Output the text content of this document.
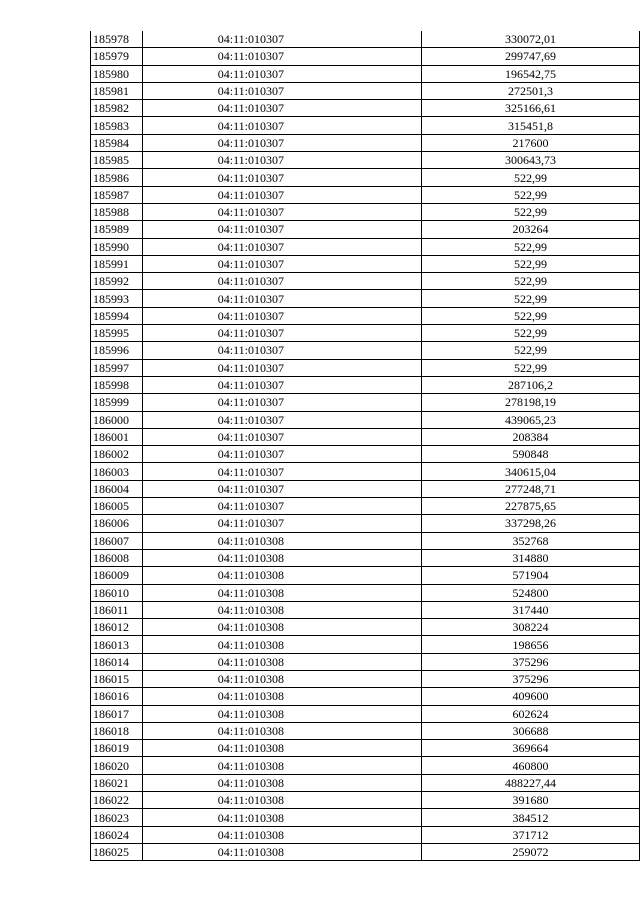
185978	04:11:010307	330072,01
185979	04:11:010307	299747,69
185980	04:11:010307	196542,75
185981	04:11:010307	272501,3
185982	04:11:010307	325166,61
185983	04:11:010307	315451,8
185984	04:11:010307	217600
185985	04:11:010307	300643,73
185986	04:11:010307	522,99
185987	04:11:010307	522,99
185988	04:11:010307	522,99
185989	04:11:010307	203264
185990	04:11:010307	522,99
185991	04:11:010307	522,99
185992	04:11:010307	522,99
185993	04:11:010307	522,99
185994	04:11:010307	522,99
185995	04:11:010307	522,99
185996	04:11:010307	522,99
185997	04:11:010307	522,99
185998	04:11:010307	287106,2
185999	04:11:010307	278198,19
186000	04:11:010307	439065,23
186001	04:11:010307	208384
186002	04:11:010307	590848
186003	04:11:010307	340615,04
186004	04:11:010307	277248,71
186005	04:11:010307	227875,65
186006	04:11:010307	337298,26
186007	04:11:010308	352768
186008	04:11:010308	314880
186009	04:11:010308	571904
186010	04:11:010308	524800
186011	04:11:010308	317440
186012	04:11:010308	308224
186013	04:11:010308	198656
186014	04:11:010308	375296
186015	04:11:010308	375296
186016	04:11:010308	409600
186017	04:11:010308	602624
186018	04:11:010308	306688
186019	04:11:010308	369664
186020	04:11:010308	460800
186021	04:11:010308	488227,44
186022	04:11:010308	391680
186023	04:11:010308	384512
186024	04:11:010308	371712
186025	04:11:010308	259072
